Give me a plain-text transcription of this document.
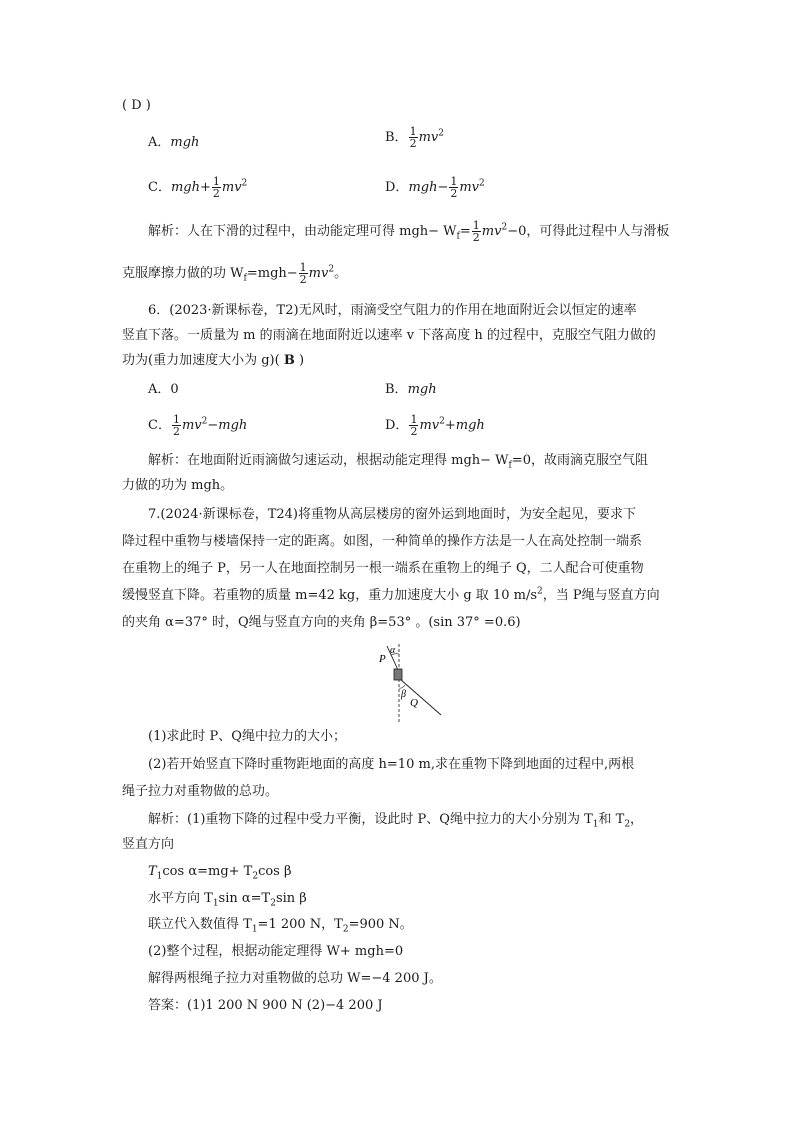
( D )
A．mgh	B． $\frac{1}{2} mv^2$
C．$mgh+ \frac{1}{2} mv^2$	D．$mgh- \frac{1}{2} mv^2$
解析：人在下滑的过程中，由动能定理可得 $mgh- W_f= \frac{1}{2} mv^2-0$，可得此过程中人与滑板
克服摩擦力做的功 $W_f=mgh- \frac{1}{2} mv^2$。
6．(2023·新课标卷，T2)无风时，雨滴受空气阻力的作用在地面附近会以恒定的速率
竖直下落。一质量为 m 的雨滴在地面附近以速率 v 下落高度 h 的过程中，克服空气阻力做的
功为(重力加速度大小为 g)( B )
A．0	B．mgh
C． $\frac{1}{2} mv^2-mgh$	D． $\frac{1}{2} mv^2+mgh$
解析：在地面附近雨滴做匀速运动，根据动能定理得 $mgh- W_f=0$，故雨滴克服空气阻
力做的功为 mgh。
7.(2024·新课标卷，T24)将重物从高层楼房的窗外运到地面时，为安全起见，要求下
降过程中重物与楼墙保持一定的距离。如图，一种简单的操作方法是一人在高处控制一端系
在重物上的绳子 P，另一人在地面控制另一根一端系在重物上的绳子 Q，二人配合可使重物
缓慢竖直下降。若重物的质量 m=42 kg，重力加速度大小 g 取 10 $m/s^2$，当 P绳与竖直方向
的夹角 α=37° 时，Q绳与竖直方向的夹角 β=53° 。(sin 37° =0.6)
P
α
β
Q
(1)求此时 P、Q绳中拉力的大小；
(2)若开始竖直下降时重物距地面的高度 h=10 m,求在重物下降到地面的过程中,两根
绳子拉力对重物做的总功。
解析：(1)重物下降的过程中受力平衡，设此时 P、Q绳中拉力的大小分别为 $T_1$和 $T_2$，
竖直方向
$T_1\cos$ $\alpha=mg+ T_2\cos$ β
水平方向 $T_1\sin$ $\alpha=T_2\sin$ β
联立代入数值得 $T_1=1$ 200 N，$T_2=900$ N。
(2)整个过程，根据动能定理得 W+ mgh=0
解得两根绳子拉力对重物做的总功 W=−4 200 J。
答案：(1)1 200 N 900 N (2)−4 200 J
